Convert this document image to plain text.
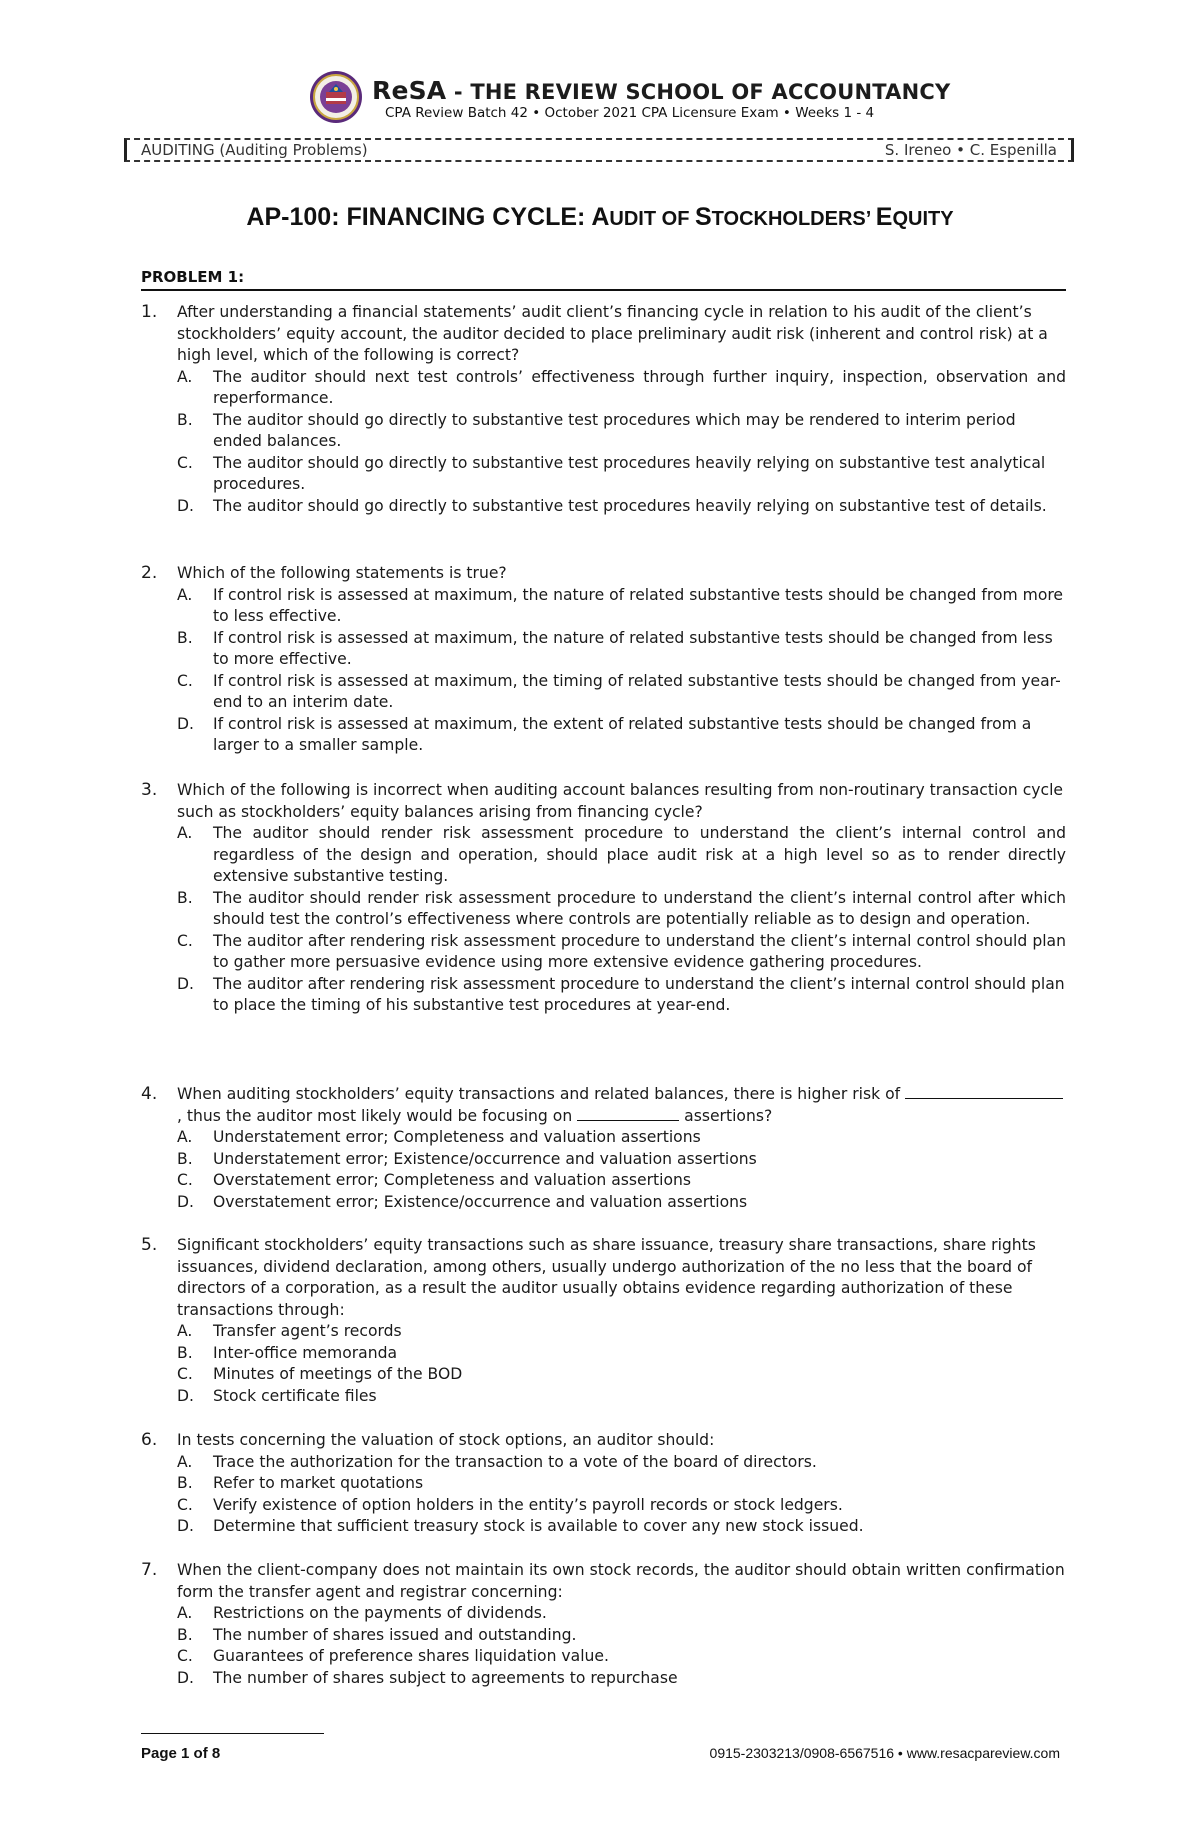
ReSA - THE REVIEW SCHOOL OF ACCOUNTANCY
CPA Review Batch 42 • October 2021 CPA Licensure Exam • Weeks 1 - 4
AUDITING (Auditing Problems)	S. Ireneo • C. Espenilla
AP-100: FINANCING CYCLE: AUDIT OF STOCKHOLDERS’ EQUITY
PROBLEM 1:
1. After understanding a financial statements’ audit client’s financing cycle in relation to his audit of the client’s stockholders’ equity account, the auditor decided to place preliminary audit risk (inherent and control risk) at a high level, which of the following is correct?
A. The auditor should next test controls’ effectiveness through further inquiry, inspection, observation and reperformance.
B. The auditor should go directly to substantive test procedures which may be rendered to interim period ended balances.
C. The auditor should go directly to substantive test procedures heavily relying on substantive test analytical procedures.
D. The auditor should go directly to substantive test procedures heavily relying on substantive test of details.
2. Which of the following statements is true?
A. If control risk is assessed at maximum, the nature of related substantive tests should be changed from more to less effective.
B. If control risk is assessed at maximum, the nature of related substantive tests should be changed from less to more effective.
C. If control risk is assessed at maximum, the timing of related substantive tests should be changed from year-end to an interim date.
D. If control risk is assessed at maximum, the extent of related substantive tests should be changed from a larger to a smaller sample.
3. Which of the following is incorrect when auditing account balances resulting from non-routinary transaction cycle such as stockholders’ equity balances arising from financing cycle?
A. The auditor should render risk assessment procedure to understand the client’s internal control and regardless of the design and operation, should place audit risk at a high level so as to render directly extensive substantive testing.
B. The auditor should render risk assessment procedure to understand the client’s internal control after which should test the control’s effectiveness where controls are potentially reliable as to design and operation.
C. The auditor after rendering risk assessment procedure to understand the client’s internal control should plan to gather more persuasive evidence using more extensive evidence gathering procedures.
D. The auditor after rendering risk assessment procedure to understand the client’s internal control should plan to place the timing of his substantive test procedures at year-end.
4. When auditing stockholders’ equity transactions and related balances, there is higher risk of , thus the auditor most likely would be focusing on	assertions?
A. Understatement error; Completeness and valuation assertions
B. Understatement error; Existence/occurrence and valuation assertions
C. Overstatement error; Completeness and valuation assertions
D. Overstatement error; Existence/occurrence and valuation assertions
5. Significant stockholders’ equity transactions such as share issuance, treasury share transactions, share rights issuances, dividend declaration, among others, usually undergo authorization of the no less that the board of directors of a corporation, as a result the auditor usually obtains evidence regarding authorization of these transactions through:
A. Transfer agent’s records
B. Inter-office memoranda
C. Minutes of meetings of the BOD
D. Stock certificate files
6. In tests concerning the valuation of stock options, an auditor should:
A. Trace the authorization for the transaction to a vote of the board of directors.
B. Refer to market quotations
C. Verify existence of option holders in the entity’s payroll records or stock ledgers.
D. Determine that sufficient treasury stock is available to cover any new stock issued.
7. When the client-company does not maintain its own stock records, the auditor should obtain written confirmation form the transfer agent and registrar concerning:
A. Restrictions on the payments of dividends.
B. The number of shares issued and outstanding.
C. Guarantees of preference shares liquidation value.
D. The number of shares subject to agreements to repurchase
Page 1 of 8	0915-2303213/0908-6567516 • www.resacpareview.com
